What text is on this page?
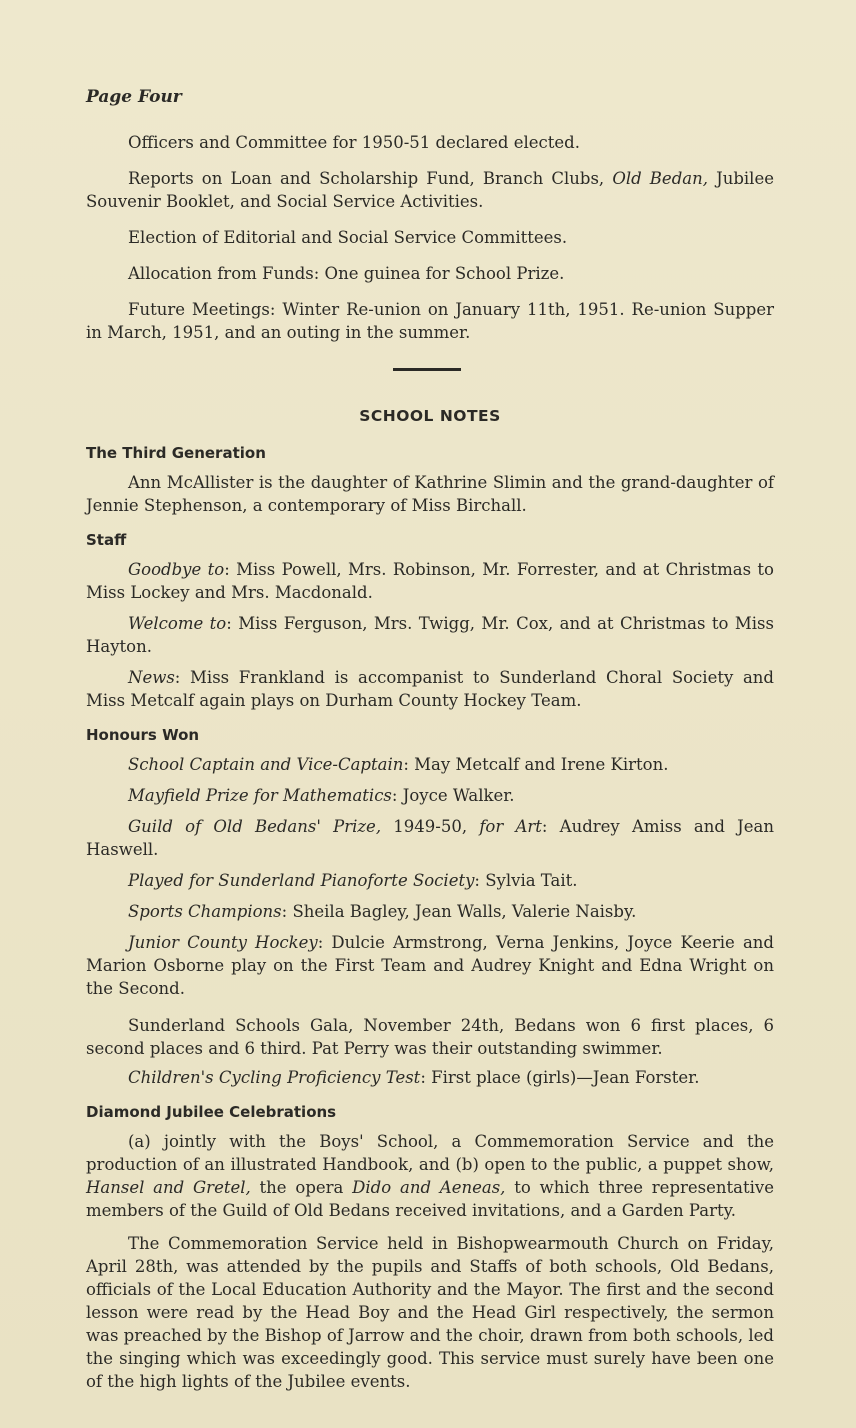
Page Four

Officers and Committee for 1950-51 declared elected.

Reports on Loan and Scholarship Fund, Branch Clubs, Old Bedan, Jubilee Souvenir Booklet, and Social Service Activities.

Election of Editorial and Social Service Committees.

Allocation from Funds: One guinea for School Prize.

Future Meetings: Winter Re-union on January 11th, 1951. Re-union Supper in March, 1951, and an outing in the summer.

SCHOOL NOTES
The Third Generation

Ann McAllister is the daughter of Kathrine Slimin and the grand-daughter of Jennie Stephenson, a contemporary of Miss Birchall.

Staff

Goodbye to: Miss Powell, Mrs. Robinson, Mr. Forrester, and at Christmas to Miss Lockey and Mrs. Macdonald.

Welcome to: Miss Ferguson, Mrs. Twigg, Mr. Cox, and at Christmas to Miss Hayton.

News: Miss Frankland is accompanist to Sunderland Choral Society and Miss Metcalf again plays on Durham County Hockey Team.

Honours Won

School Captain and Vice-Captain: May Metcalf and Irene Kirton.

Mayfield Prize for Mathematics: Joyce Walker.

Guild of Old Bedans' Prize, 1949-50, for Art: Audrey Amiss and Jean Haswell.

Played for Sunderland Pianoforte Society: Sylvia Tait.

Sports Champions: Sheila Bagley, Jean Walls, Valerie Naisby.

Junior County Hockey: Dulcie Armstrong, Verna Jenkins, Joyce Keerie and Marion Osborne play on the First Team and Audrey Knight and Edna Wright on the Second.

Sunderland Schools Gala, November 24th, Bedans won 6 first places, 6 second places and 6 third. Pat Perry was their outstanding swimmer.

Children's Cycling Proficiency Test: First place (girls)—Jean Forster.

Diamond Jubilee Celebrations

(a) jointly with the Boys' School, a Commemoration Service and the production of an illustrated Handbook, and (b) open to the public, a puppet show, Hansel and Gretel, the opera Dido and Aeneas, to which three representative members of the Guild of Old Bedans received invitations, and a Garden Party.

The Commemoration Service held in Bishopwearmouth Church on Friday, April 28th, was attended by the pupils and Staffs of both schools, Old Bedans, officials of the Local Education Authority and the Mayor. The first and the second lesson were read by the Head Boy and the Head Girl respectively, the sermon was preached by the Bishop of Jarrow and the choir, drawn from both schools, led the singing which was exceedingly good. This service must surely have been one of the high lights of the Jubilee events.
